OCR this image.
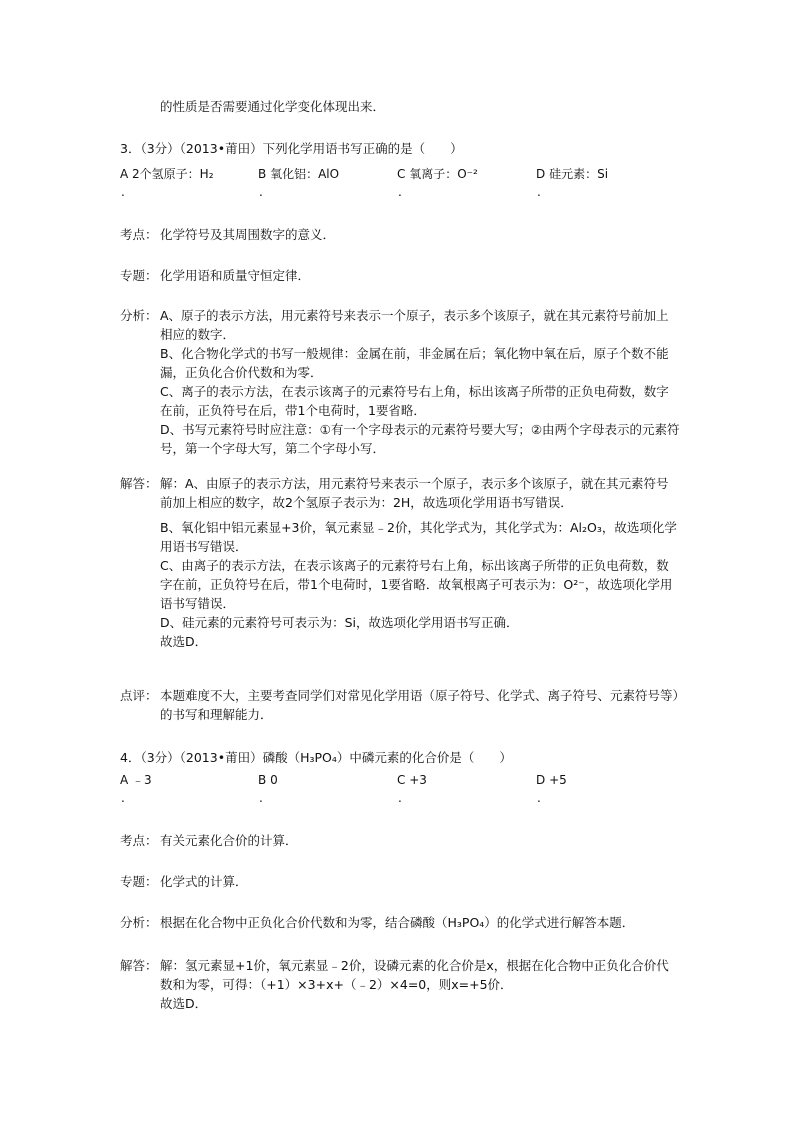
的性质是否需要通过化学变化体现出来．
3．（3分）（2013•莆田）下列化学用语书写正确的是（　　）
A 2个氢原子：H₂	B 氧化铝：AlO	C 氧离子：O⁻²	D 硅元素：Si
.	.	.	.
考点： 化学符号及其周围数字的意义．
专题： 化学用语和质量守恒定律．
分析： A、原子的表示方法，用元素符号来表示一个原子，表示多个该原子，就在其元素符号前加上相应的数字．
B、化合物化学式的书写一般规律：金属在前，非金属在后；氧化物中氧在后，原子个数不能漏，正负化合价代数和为零．
C、离子的表示方法，在表示该离子的元素符号右上角，标出该离子所带的正负电荷数，数字在前，正负符号在后，带1个电荷时，1要省略．
D、书写元素符号时应注意：①有一个字母表示的元素符号要大写；②由两个字母表示的元素符号，第一个字母大写，第二个字母小写．
解答： 解：A、由原子的表示方法，用元素符号来表示一个原子，表示多个该原子，就在其元素符号前加上相应的数字，故2个氢原子表示为：2H，故选项化学用语书写错误．
B、氧化铝中铝元素显+3价，氧元素显﹣2价，其化学式为，其化学式为：Al₂O₃，故选项化学用语书写错误．
C、由离子的表示方法，在表示该离子的元素符号右上角，标出该离子所带的正负电荷数，数字在前，正负符号在后，带1个电荷时，1要省略．故氧根离子可表示为：O²⁻，故选项化学用语书写错误．
D、硅元素的元素符号可表示为：Si，故选项化学用语书写正确．
故选D．
点评： 本题难度不大，主要考查同学们对常见化学用语（原子符号、化学式、离子符号、元素符号等）的书写和理解能力．
4．（3分）（2013•莆田）磷酸（H₃PO₄）中磷元素的化合价是（　　）
A ﹣3	B 0	C +3	D +5
.	.	.	.
考点： 有关元素化合价的计算．
专题： 化学式的计算．
分析： 根据在化合物中正负化合价代数和为零，结合磷酸（H₃PO₄）的化学式进行解答本题．
解答： 解：氢元素显+1价，氧元素显﹣2价，设磷元素的化合价是x，根据在化合物中正负化合价代数和为零，可得：（+1）×3+x+（﹣2）×4=0，则x=+5价．
故选D．
